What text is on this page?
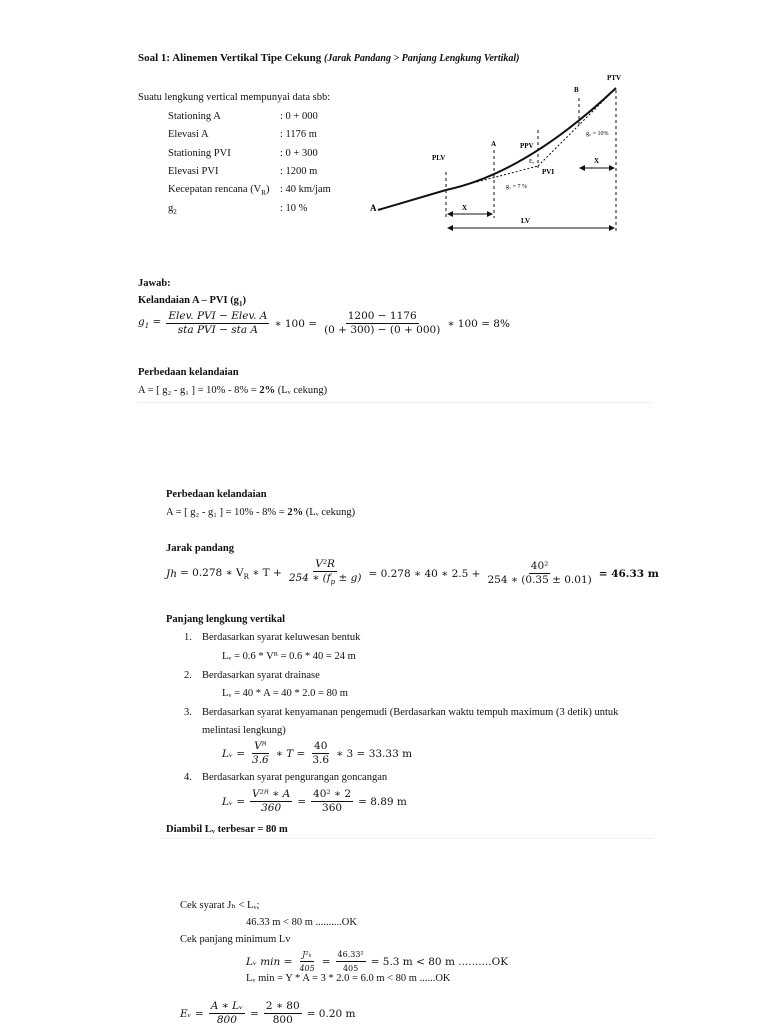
Soal 1: Alinemen Vertikal Tipe Cekung (Jarak Pandang > Panjang Lengkung Vertikal)
Suatu lengkung vertical mempunyai data sbb:
Stationing A	: 0 + 000
Elevasi A	: 1176 m
Stationing PVI	: 0 + 300
Elevasi PVI	: 1200 m
Kecepatan rencana $(V_R)$ : 40 km/jam
$g_2$	: 10 %
PTV
B
A	PPV
PLV
PVI
g₂ = 10%
g₁ = 7 %
Eᵥ
X
X
LV
A
Jawab:
Kelandaian A – PVI $(g_1)$
$g_1 = \frac{\text{Elev. PVI − Elev. A}}{\text{sta PVI − sta A}}$ ∗ $100 = \frac{1200 - 1176}{(0 + 300) - (0 + 000)}$ ∗ 100 = 8%
Perbedaan kelandaian
A = [ g₂ - g₁ ] = 10% - 8% = 2% (Lᵥ cekung)
Perbedaan kelandaian
A = [ g₂ - g₁ ] = 10% - 8% = 2% (Lᵥ cekung)
Jarak pandang
Jh = 0.278 ∗ $V_R$ ∗ $T + \frac{\text{V²R}}{254 ∗ (f_p \pm g)} = 0.278$ ∗ 40 ∗ $2.5 + \frac{\text{40²}}{254 ∗ (0.35 \pm 0.01)} = 46.33$ m
Panjang lengkung vertikal
1. Berdasarkan syarat keluwesan bentuk
Lᵥ = 0.6 * Vᴿ = 0.6 * 40 = 24 m
2. Berdasarkan syarat drainase
Lᵥ = 40 * A = 40 * 2.0 = 80 m
3. Berdasarkan syarat kenyamanan pengemudi (Berdasarkan waktu tempuh maximum (3 detik) untuk
melintasi lengkung)
Lᵥ = $\frac{\text{Vᴿ}}{3.6}$ ∗ $T = \frac{40}{3.6}$ ∗ 3 = 33.33 m
4. Berdasarkan syarat pengurangan goncangan
Lᵥ = $\frac{\text{V²ᴿ ∗ A}}{360} = \frac{\text{40² ∗ 2}}{360} = 8.89$ m
Diambil Lᵥ terbesar = 80 m
Cek syarat Jₕ < Lᵥ;
46.33 m < 80 m ..........OK
Cek panjang minimum Lv
Lᵥ $\min = \frac{\text{J²ₕ}}{405} = \frac{\text{46.33²}}{405} = 5.3$ m < 80 m ..........OK
Lᵥ min = Y * A = 3 * 2.0 = 6.0 m < 80 m ......OK
Eᵥ = $\frac{\text{A ∗ Lᵥ}}{800} = \frac{2 ∗ 80}{800} = 0.20$ m
